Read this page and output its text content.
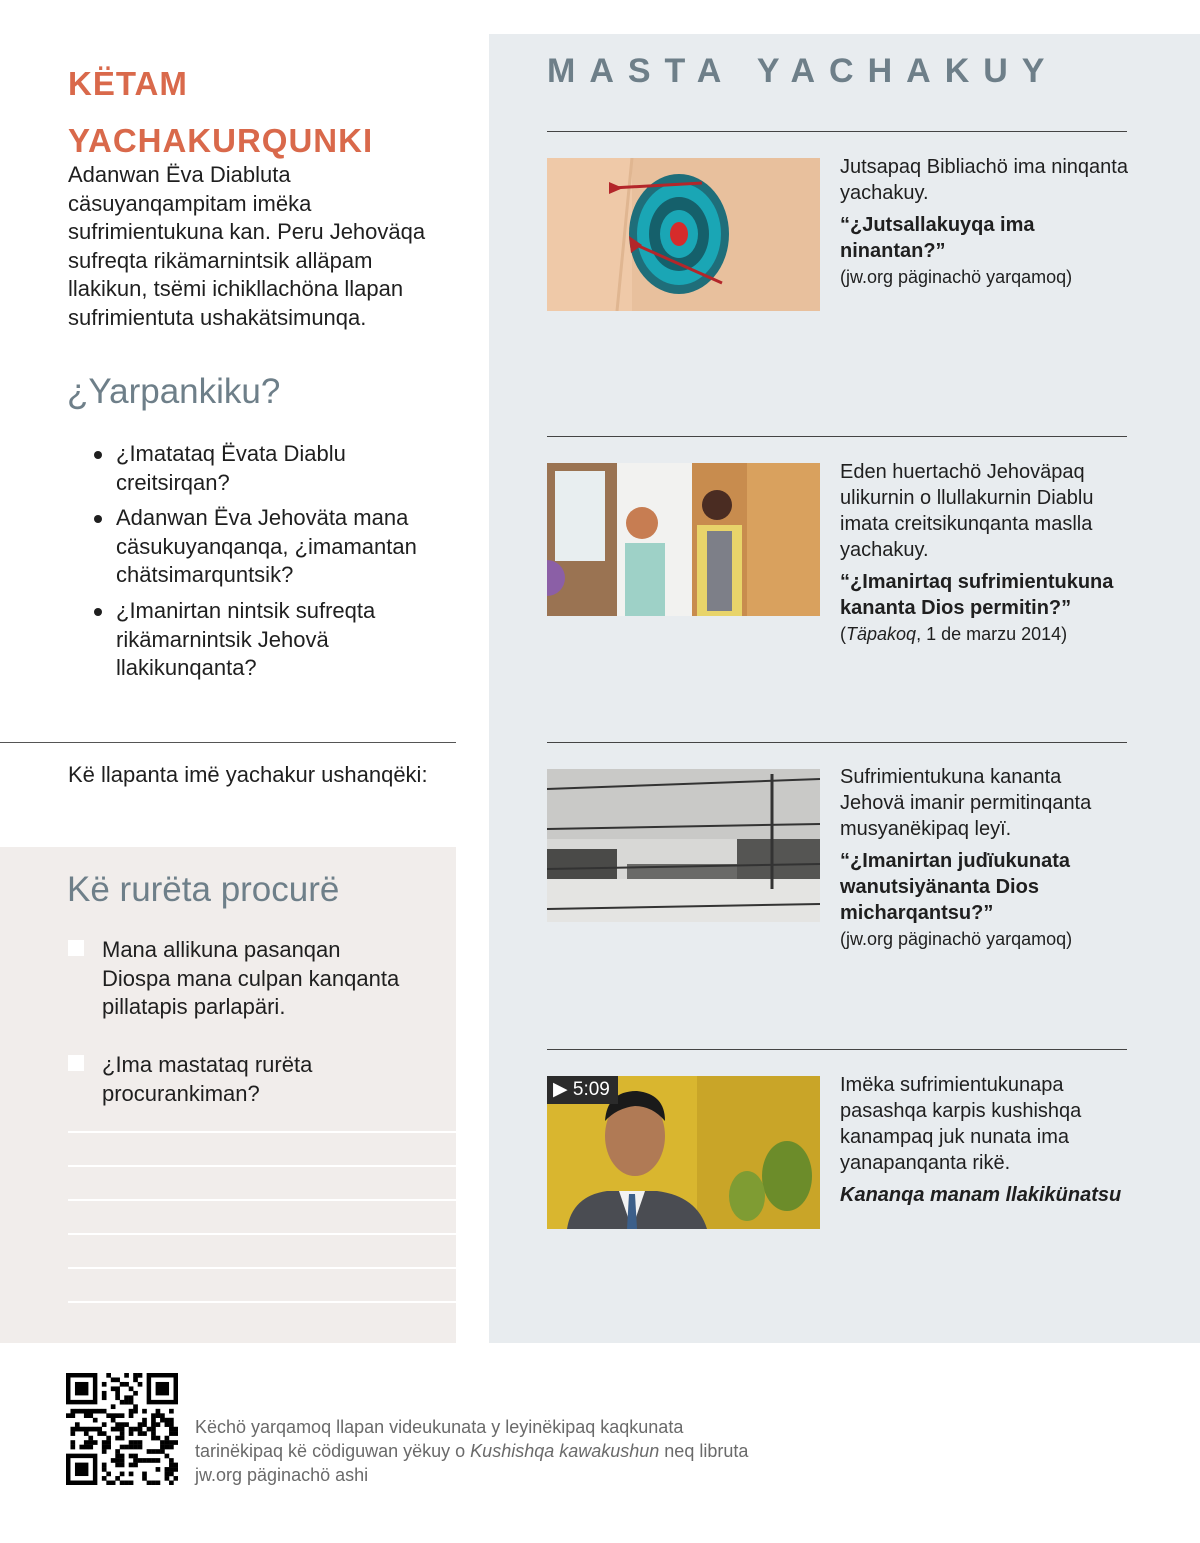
KËTAM
YACHAKURQUNKI

Adanwan Ëva Diabluta cäsuyanqampitam imëka sufrimientukuna kan. Peru Jehoväqa sufreqta rikämarnintsik alläpam llakikun, tsëmi ichikllachöna llapan sufrimientuta ushakätsimunqa.

¿Yarpankiku?
¿Imatataq Ëvata Diablu creitsirqan?
Adanwan Ëva Jehoväta mana cäsukuyanqanqa, ¿imamantan chätsimarquntsik?
¿Imanirtan nintsik sufreqta rikämarnintsik Jehovä llakikunqanta?

Kë llapanta imë yachakur ushanqëki:

Kë rurëta procurë
Mana allikuna pasanqan Diospa mana culpan kanqanta pillatapis parlapäri.
¿Ima mastataq rurëta procurankiman?
MASTA YACHAKUY
Jutsapaq Bibliachö ima ninqanta yachakuy.
“¿Jutsallakuyqa ima ninantan?”
(jw.org päginachö yarqamoq)
Eden huertachö Jehoväpaq ulikurnin o llullakurnin Diablu imata creitsikunqanta maslla yachakuy.
“¿Imanirtaq sufrimientukuna kananta Dios permitin?”
(Täpakoq, 1 de marzu 2014)
Sufrimientukuna kananta Jehovä imanir permitinqanta musyanëkipaq leyï.
“¿Imanirtan judïukunata wanutsiyänanta Dios micharqantsu?”
(jw.org päginachö yarqamoq)
▶ 5:09	Imëka sufrimientukunapa pasashqa karpis kushishqa kanampaq juk nunata ima yanapanqanta rikë.
Kananqa manam llakikünatsu

Këchö yarqamoq llapan videukunata y leyinëkipaq kaqkunata tarinëkipaq kë cödiguwan yëkuy o Kushishqa kawakushun neq libruta jw.org päginachö ashi
